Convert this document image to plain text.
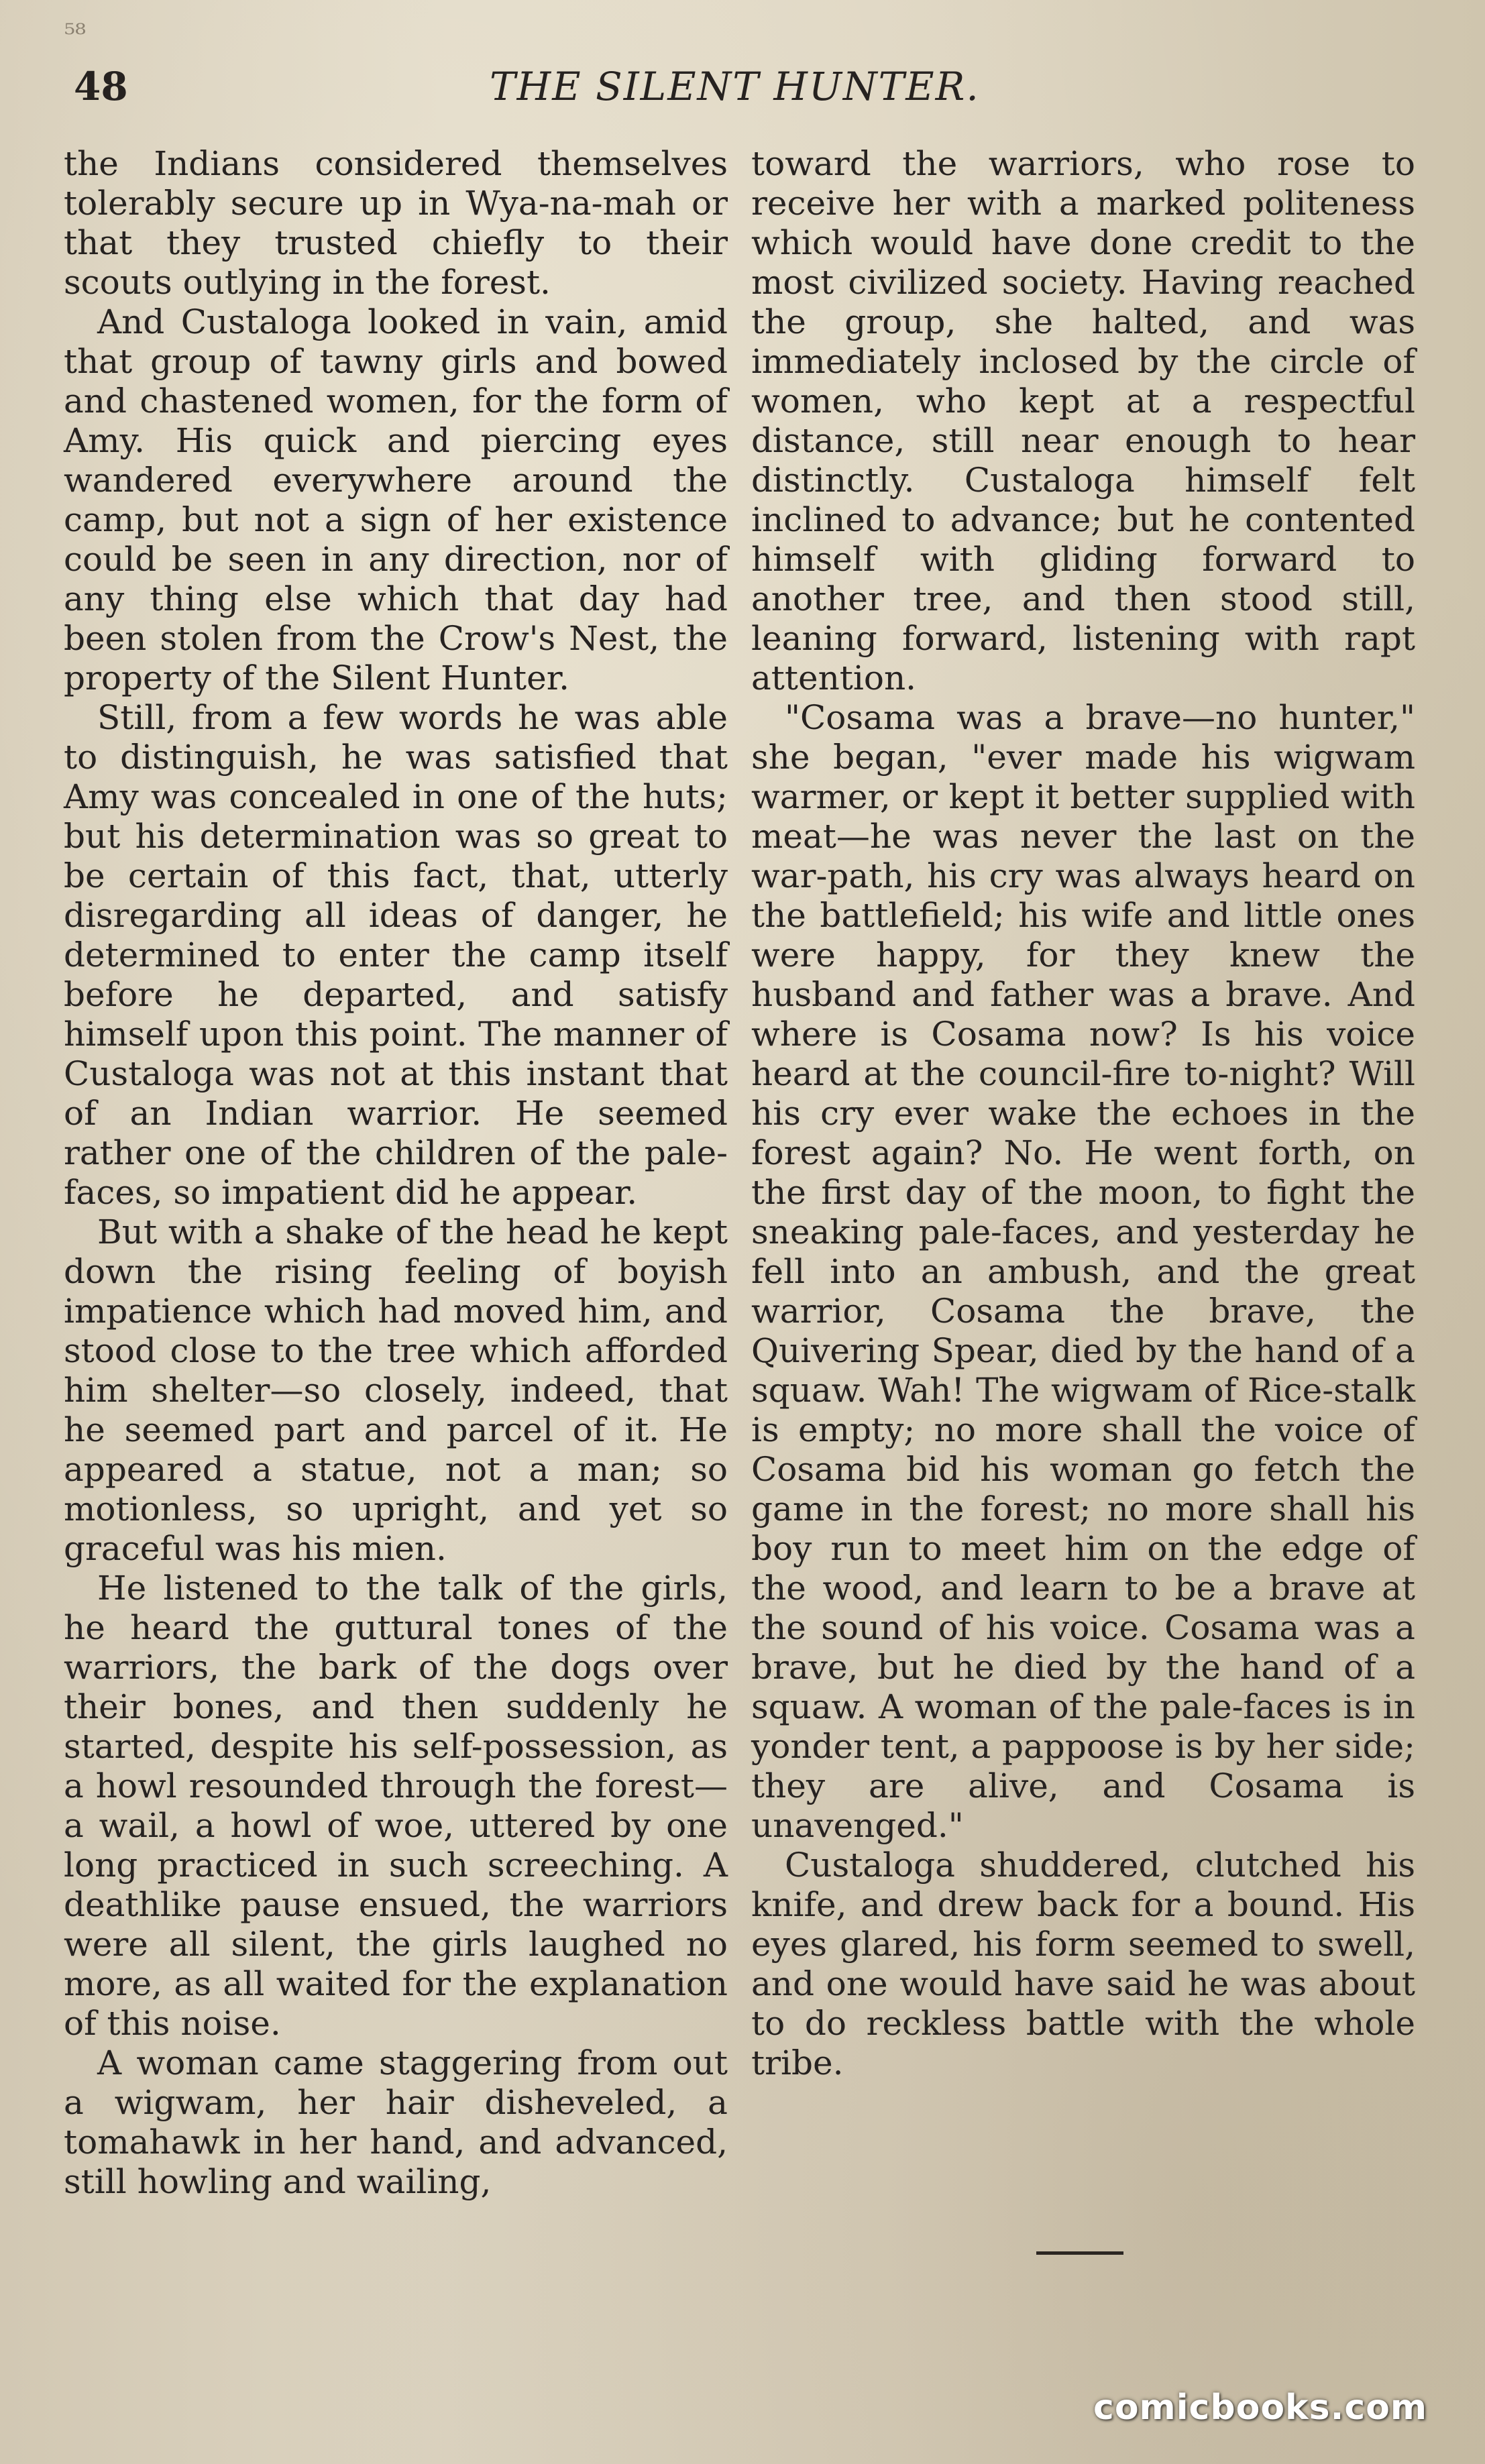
⁵⁸
48	THE SILENT HUNTER.

the Indians considered themselves tolerably secure up in Wya-na-mah or that they trusted chiefly to their scouts outlying in the forest.

And Custaloga looked in vain, amid that group of tawny girls and bowed and chastened women, for the form of Amy. His quick and piercing eyes wandered everywhere around the camp, but not a sign of her existence could be seen in any direction, nor of any thing else which that day had been stolen from the Crow's Nest, the property of the Silent Hunter.

Still, from a few words he was able to distinguish, he was satisfied that Amy was concealed in one of the huts; but his determination was so great to be certain of this fact, that, utterly disregarding all ideas of danger, he determined to enter the camp itself before he departed, and satisfy himself upon this point. The manner of Custaloga was not at this instant that of an Indian warrior. He seemed rather one of the children of the pale-faces, so impatient did he appear.

But with a shake of the head he kept down the rising feeling of boyish impatience which had moved him, and stood close to the tree which afforded him shelter—so closely, indeed, that he seemed part and parcel of it. He appeared a statue, not a man; so motionless, so upright, and yet so graceful was his mien.

He listened to the talk of the girls, he heard the guttural tones of the warriors, the bark of the dogs over their bones, and then suddenly he started, despite his self-possession, as a howl resounded through the forest—a wail, a howl of woe, uttered by one long practiced in such screeching. A deathlike pause ensued, the warriors were all silent, the girls laughed no more, as all waited for the explanation of this noise.

A woman came staggering from out a wigwam, her hair disheveled, a tomahawk in her hand, and advanced, still howling and wailing,

toward the warriors, who rose to receive her with a marked politeness which would have done credit to the most civilized society. Having reached the group, she halted, and was immediately inclosed by the circle of women, who kept at a respectful distance, still near enough to hear distinctly. Custaloga himself felt inclined to advance; but he contented himself with gliding forward to another tree, and then stood still, leaning forward, listening with rapt attention.

"Cosama was a brave—no hunter," she began, "ever made his wigwam warmer, or kept it better supplied with meat—he was never the last on the war-path, his cry was always heard on the battlefield; his wife and little ones were happy, for they knew the husband and father was a brave. And where is Cosama now? Is his voice heard at the council-fire to-night? Will his cry ever wake the echoes in the forest again? No. He went forth, on the first day of the moon, to fight the sneaking pale-faces, and yesterday he fell into an ambush, and the great warrior, Cosama the brave, the Quivering Spear, died by the hand of a squaw. Wah! The wigwam of Rice-stalk is empty; no more shall the voice of Cosama bid his woman go fetch the game in the forest; no more shall his boy run to meet him on the edge of the wood, and learn to be a brave at the sound of his voice. Cosama was a brave, but he died by the hand of a squaw. A woman of the pale-faces is in yonder tent, a pappoose is by her side; they are alive, and Cosama is unavenged."

Custaloga shuddered, clutched his knife, and drew back for a bound. His eyes glared, his form seemed to swell, and one would have said he was about to do reckless battle with the whole tribe.

comicbooks.com
